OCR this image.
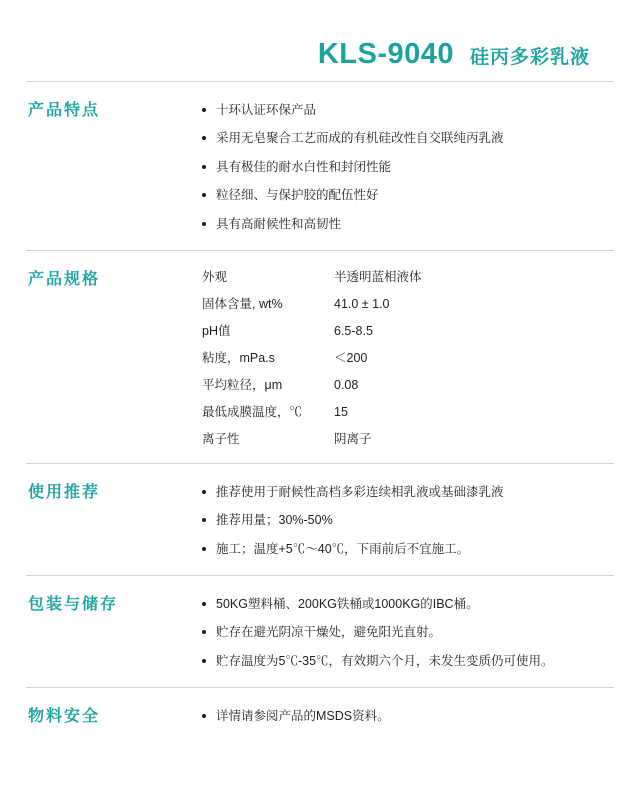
KLS-9040 硅丙多彩乳液
产品特点	十环认证环保产品
采用无皂聚合工艺而成的有机硅改性自交联纯丙乳液
具有极佳的耐水白性和封闭性能
粒径细、与保护胶的配伍性好
具有高耐候性和高韧性
产品规格	外观	半透明蓝相液体
固体含量, wt%	41.0 ± 1.0
pH值	6.5-8.5
粘度，mPa.s	＜200
平均粒径，μm	0.08
最低成膜温度，℃	15
离子性	阴离子
使用推荐	推荐使用于耐候性高档多彩连续相乳液或基础漆乳液
推荐用量；30%-50%
施工；温度+5℃～40℃，下雨前后不宜施工。
包装与储存	50KG塑料桶、200KG铁桶或1000KG的IBC桶。
贮存在避光阴凉干燥处，避免阳光直射。
贮存温度为5℃-35℃，有效期六个月，未发生变质仍可使用。
物料安全	详情请参阅产品的MSDS资料。
